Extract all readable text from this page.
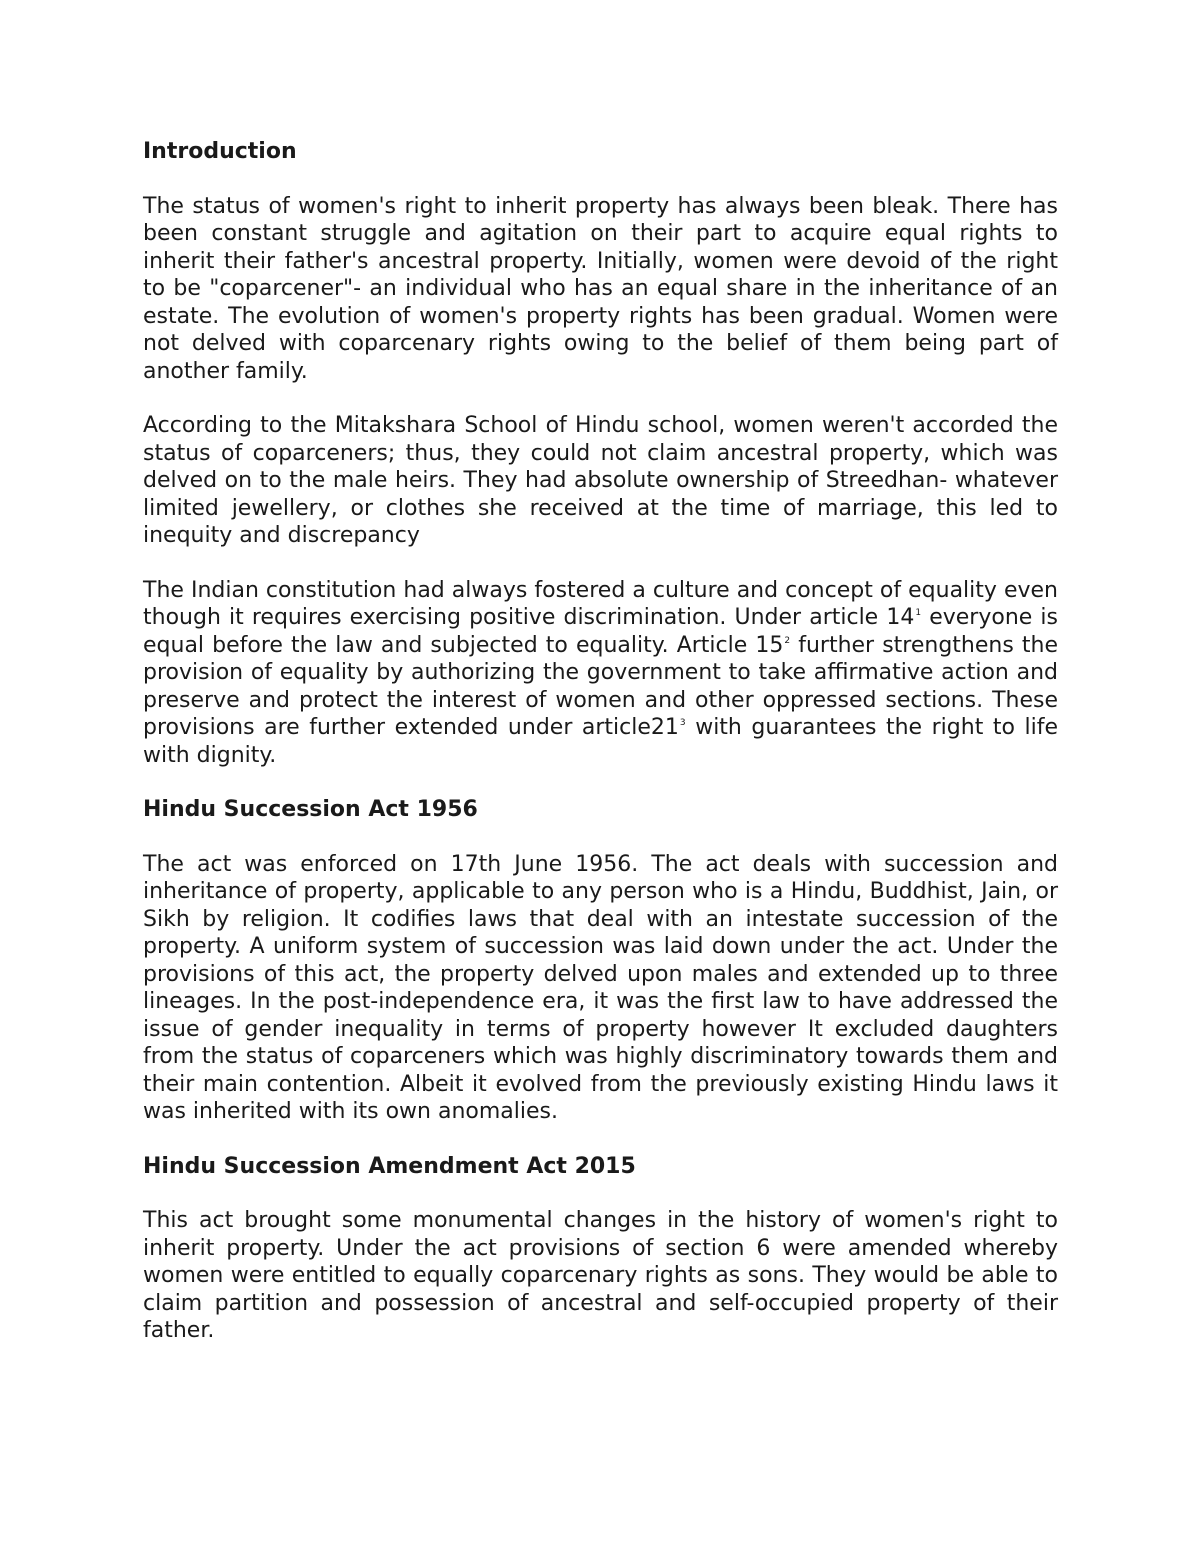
Introduction

The status of women's right to inherit property has always been bleak. There has been constant struggle and agitation on their part to acquire equal rights to inherit their father's ancestral property. Initially, women were devoid of the right to be "coparcener"- an individual who has an equal share in the inheritance of an estate. The evolution of women's property rights has been gradual. Women were not delved with coparcenary rights owing to the belief of them being part of another family.

According to the Mitakshara School of Hindu school, women weren't accorded the status of coparceners; thus, they could not claim ancestral property, which was delved on to the male heirs. They had absolute ownership of Streedhan- whatever limited jewellery, or clothes she received at the time of marriage, this led to inequity and discrepancy

The Indian constitution had always fostered a culture and concept of equality even though it requires exercising positive discrimination. Under article $14^1$ everyone is equal before the law and subjected to equality. Article $15^2$ further strengthens the provision of equality by authorizing the government to take affirmative action and preserve and protect the interest of women and other oppressed sections. These provisions are further extended under $article21^3$ with guarantees the right to life with dignity.

Hindu Succession Act 1956

The act was enforced on 17th June 1956. The act deals with succession and inheritance of property, applicable to any person who is a Hindu, Buddhist, Jain, or Sikh by religion. It codifies laws that deal with an intestate succession of the property. A uniform system of succession was laid down under the act. Under the provisions of this act, the property delved upon males and extended up to three lineages. In the post-independence era, it was the first law to have addressed the issue of gender inequality in terms of property however It excluded daughters from the status of coparceners which was highly discriminatory towards them and their main contention. Albeit it evolved from the previously existing Hindu laws it was inherited with its own anomalies.

Hindu Succession Amendment Act 2015

This act brought some monumental changes in the history of women's right to inherit property. Under the act provisions of section 6 were amended whereby women were entitled to equally coparcenary rights as sons. They would be able to claim partition and possession of ancestral and self-occupied property of their father.
